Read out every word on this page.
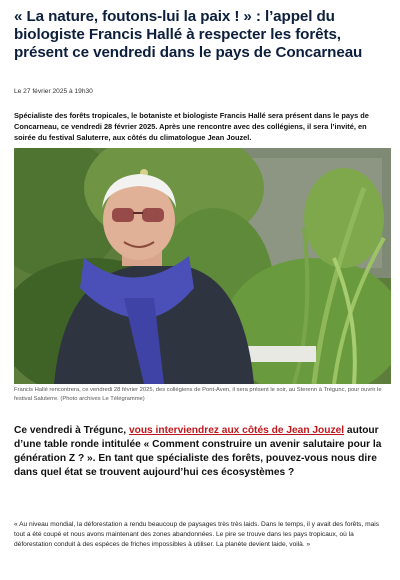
« La nature, foutons-lui la paix ! » : l’appel du biologiste Francis Hallé à respecter les forêts, présent ce vendredi dans le pays de Concarneau
Le 27 février 2025 à 19h30

Spécialiste des forêts tropicales, le botaniste et biologiste Francis Hallé sera présent dans le pays de Concarneau, ce vendredi 28 février 2025. Après une rencontre avec des collégiens, il sera l’invité, en soirée du festival Saluterre, aux côtés du climatologue Jean Jouzel.

Francis Hallé rencontrera, ce vendredi 28 février 2025, des collégiens de Pont-Aven, il sera présent le soir, au Sterenn à Trégunc, pour ouvrir le festival Saluterre. (Photo archives Le Télégramme)

Ce vendredi à Trégunc, vous interviendrez aux côtés de Jean Jouzel autour d’une table ronde intitulée « Comment construire un avenir salutaire pour la génération Z ? ». En tant que spécialiste des forêts, pouvez-vous nous dire dans quel état se trouvent aujourd’hui ces écosystèmes ?

« Au niveau mondial, la déforestation a rendu beaucoup de paysages très très laids. Dans le temps, il y avait des forêts, mais tout a été coupé et nous avons maintenant des zones abandonnées. Le pire se trouve dans les pays tropicaux, où la déforestation conduit à des espèces de friches impossibles à utiliser. La planète devient laide, voilà. »
